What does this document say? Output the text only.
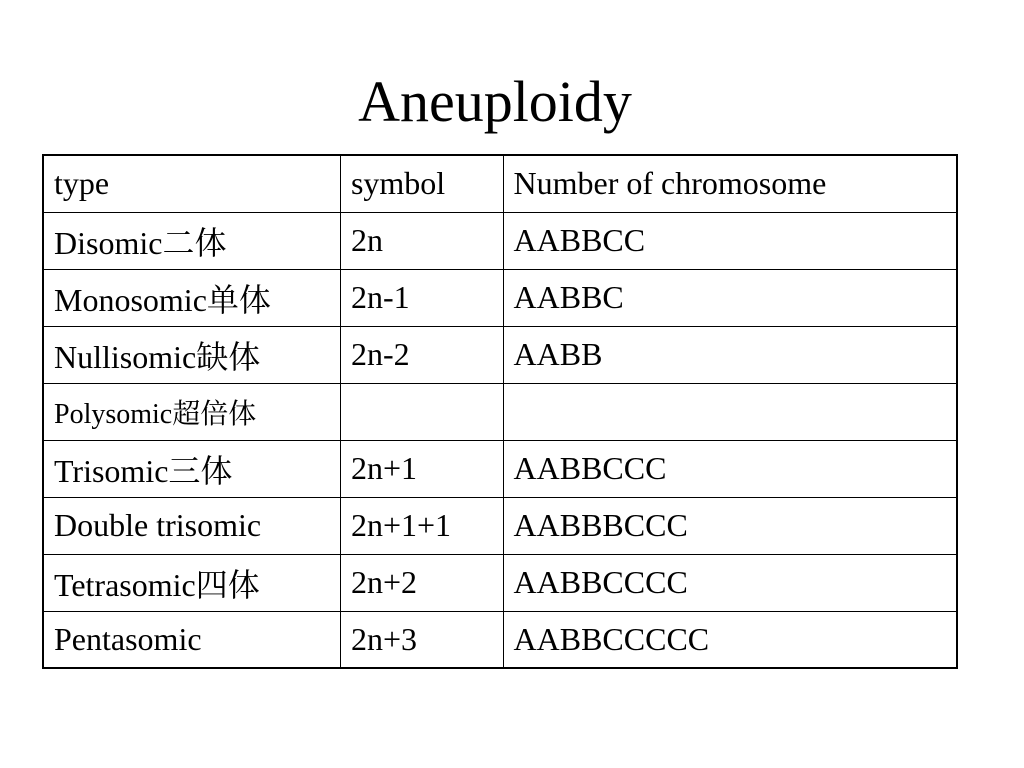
Aneuploidy
type	symbol	Number of chromosome
Disomic二体	2n	AABBCC
Monosomic单体	2n-1	AABBC
Nullisomic缺体	2n-2	AABB
Polysomic超倍体		
Trisomic三体	2n+1	AABBCCC
Double trisomic	2n+1+1	AABBBCCC
Tetrasomic四体	2n+2	AABBCCCC
Pentasomic	2n+3	AABBCCCCC
